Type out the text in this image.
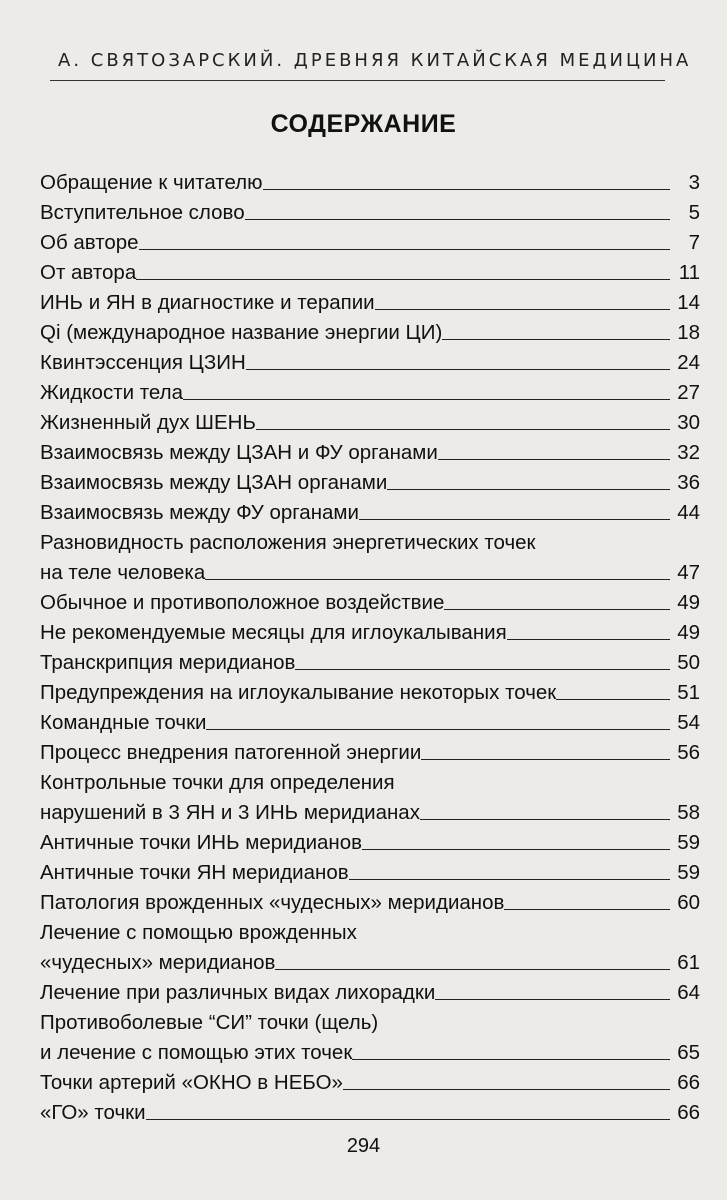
А. СВЯТОЗАРСКИЙ. ДРЕВНЯЯ КИТАЙСКАЯ МЕДИЦИНА
СОДЕРЖАНИЕ
Обращение к читателю	3
Вступительное слово	5
Об авторе	7
От автора	11
ИНЬ и ЯН в диагностике и терапии	14
Qi (международное название энергии ЦИ)	18
Квинтэссенция ЦЗИН	24
Жидкости тела	27
Жизненный дух ШЕНЬ	30
Взаимосвязь между ЦЗАН и ФУ органами	32
Взаимосвязь между ЦЗАН органами	36
Взаимосвязь между ФУ органами	44
Разновидность расположения энергетических точек
на теле человека	47
Обычное и противоположное воздействие	49
Не рекомендуемые месяцы для иглоукалывания	49
Транскрипция меридианов	50
Предупреждения на иглоукалывание некоторых точек	51
Командные точки	54
Процесс внедрения патогенной энергии	56
Контрольные точки для определения
нарушений в 3 ЯН и 3 ИНЬ меридианах	58
Античные точки ИНЬ меридианов	59
Античные точки ЯН меридианов	59
Патология врожденных «чудесных» меридианов	60
Лечение с помощью врожденных
«чудесных» меридианов	61
Лечение при различных видах лихорадки	64
Противоболевые “СИ” точки (щель)
и лечение с помощью этих точек	65
Точки артерий «ОКНО в НЕБО»	66
«ГО» точки	66
294
